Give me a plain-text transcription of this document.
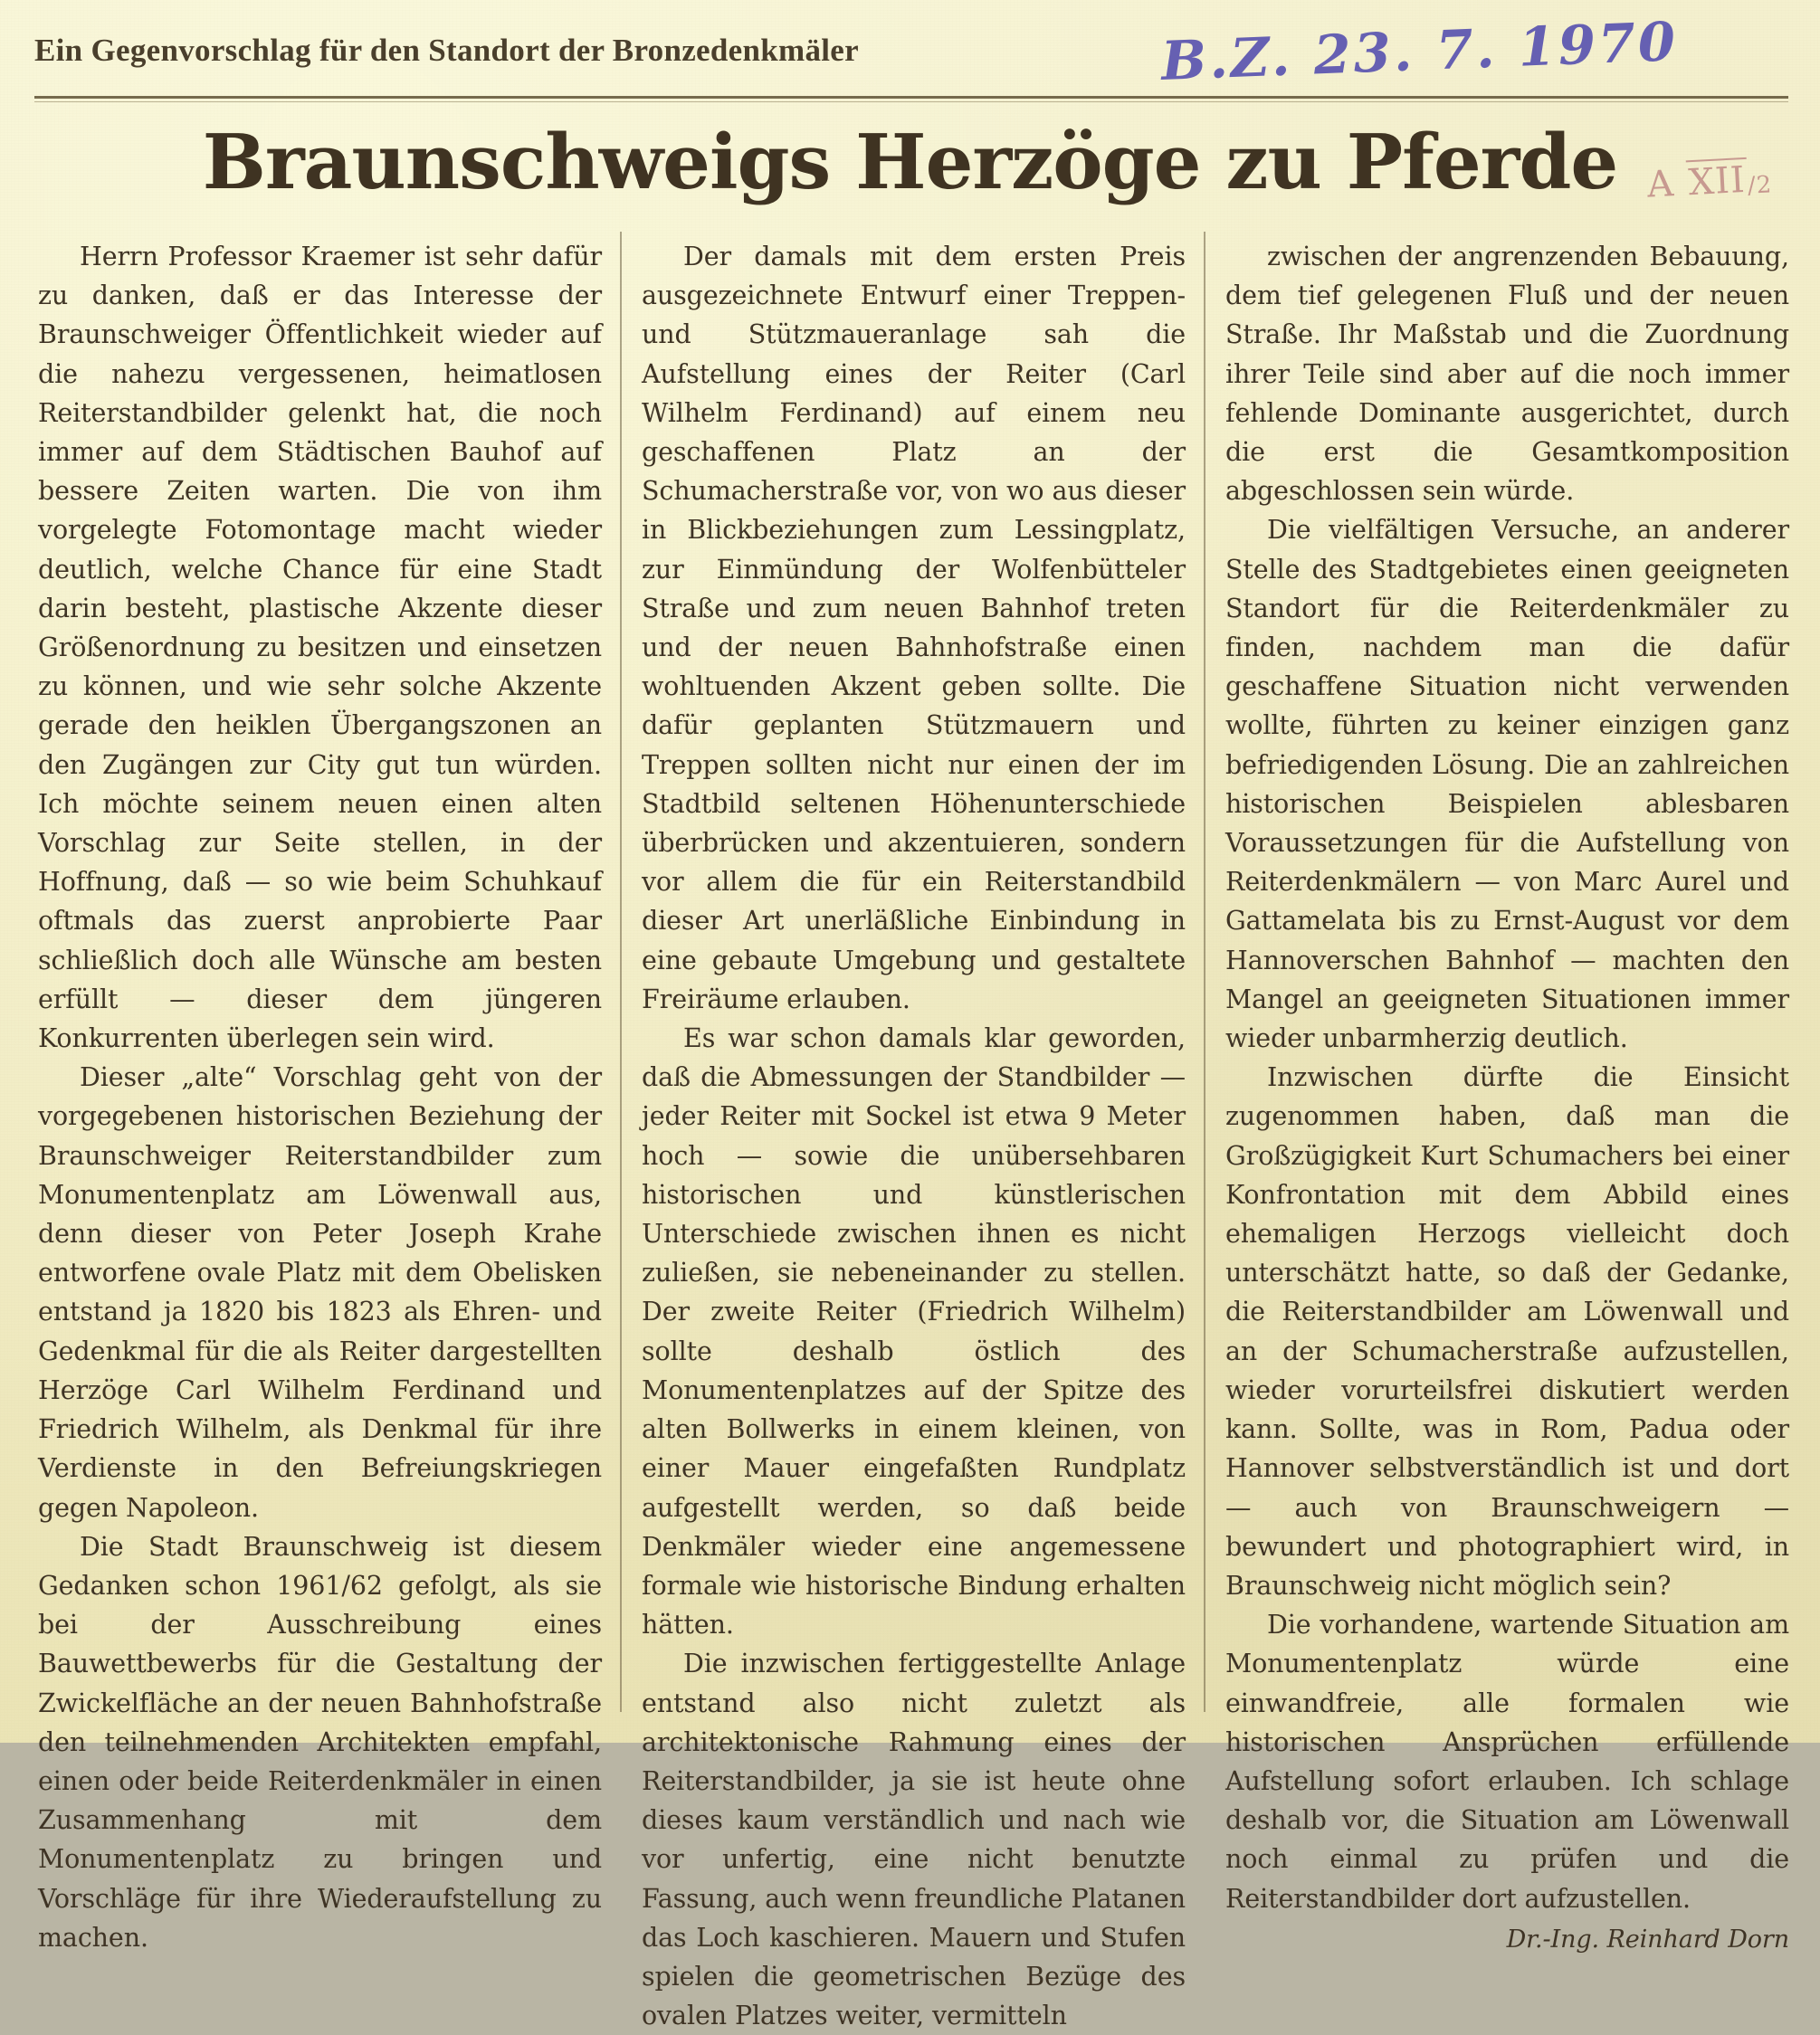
Ein Gegenvorschlag für den Standort der Bronzedenkmäler	B.Z. 23. 7. 1970
Braunschweigs Herzöge zu Pferde A XII/2

Herrn Professor Kraemer ist sehr dafür zu danken, daß er das Interesse der Braunschweiger Öffentlichkeit wieder auf die nahezu vergessenen, heimatlosen Reiterstandbilder gelenkt hat, die noch immer auf dem Städtischen Bauhof auf bessere Zeiten warten. Die von ihm vorgelegte Fotomontage macht wieder deutlich, welche Chance für eine Stadt darin besteht, plastische Akzente dieser Größenordnung zu besitzen und einsetzen zu können, und wie sehr solche Akzente gerade den heiklen Übergangszonen an den Zugängen zur City gut tun würden. Ich möchte seinem neuen einen alten Vorschlag zur Seite stellen, in der Hoffnung, daß — so wie beim Schuhkauf oftmals das zuerst anprobierte Paar schließlich doch alle Wünsche am besten erfüllt — dieser dem jüngeren Konkurrenten überlegen sein wird.

Dieser „alte“ Vorschlag geht von der vorgegebenen historischen Beziehung der Braunschweiger Reiterstandbilder zum Monumentenplatz am Löwenwall aus, denn dieser von Peter Joseph Krahe entworfene ovale Platz mit dem Obelisken entstand ja 1820 bis 1823 als Ehren- und Gedenkmal für die als Reiter dargestellten Herzöge Carl Wilhelm Ferdinand und Friedrich Wilhelm, als Denkmal für ihre Verdienste in den Befreiungskriegen gegen Napoleon.

Die Stadt Braunschweig ist diesem Gedanken schon 1961/62 gefolgt, als sie bei der Ausschreibung eines Bauwettbewerbs für die Gestaltung der Zwickelfläche an der neuen Bahnhofstraße den teilnehmenden Architekten empfahl, einen oder beide Reiterdenkmäler in einen Zusammenhang mit dem Monumentenplatz zu bringen und Vorschläge für ihre Wiederaufstellung zu machen.

Der damals mit dem ersten Preis ausgezeichnete Entwurf einer Treppen- und Stützmaueranlage sah die Aufstellung eines der Reiter (Carl Wilhelm Ferdinand) auf einem neu geschaffenen Platz an der Schumacherstraße vor, von wo aus dieser in Blickbeziehungen zum Lessingplatz, zur Einmündung der Wolfenbütteler Straße und zum neuen Bahnhof treten und der neuen Bahnhofstraße einen wohltuenden Akzent geben sollte. Die dafür geplanten Stützmauern und Treppen sollten nicht nur einen der im Stadtbild seltenen Höhenunterschiede überbrücken und akzentuieren, sondern vor allem die für ein Reiterstandbild dieser Art unerläßliche Einbindung in eine gebaute Umgebung und gestaltete Freiräume erlauben.

Es war schon damals klar geworden, daß die Abmessungen der Standbilder — jeder Reiter mit Sockel ist etwa 9 Meter hoch — sowie die unübersehbaren historischen und künstlerischen Unterschiede zwischen ihnen es nicht zuließen, sie nebeneinander zu stellen. Der zweite Reiter (Friedrich Wilhelm) sollte deshalb östlich des Monumentenplatzes auf der Spitze des alten Bollwerks in einem kleinen, von einer Mauer eingefaßten Rundplatz aufgestellt werden, so daß beide Denkmäler wieder eine angemessene formale wie historische Bindung erhalten hätten.

Die inzwischen fertiggestellte Anlage entstand also nicht zuletzt als architektonische Rahmung eines der Reiterstandbilder, ja sie ist heute ohne dieses kaum verständlich und nach wie vor unfertig, eine nicht benutzte Fassung, auch wenn freundliche Platanen das Loch kaschieren. Mauern und Stufen spielen die geometrischen Bezüge des ovalen Platzes weiter, vermitteln

zwischen der angrenzenden Bebauung, dem tief gelegenen Fluß und der neuen Straße. Ihr Maßstab und die Zuordnung ihrer Teile sind aber auf die noch immer fehlende Dominante ausgerichtet, durch die erst die Gesamtkomposition abgeschlossen sein würde.

Die vielfältigen Versuche, an anderer Stelle des Stadtgebietes einen geeigneten Standort für die Reiterdenkmäler zu finden, nachdem man die dafür geschaffene Situation nicht verwenden wollte, führten zu keiner einzigen ganz befriedigenden Lösung. Die an zahlreichen historischen Beispielen ablesbaren Voraussetzungen für die Aufstellung von Reiterdenkmälern — von Marc Aurel und Gattamelata bis zu Ernst-August vor dem Hannoverschen Bahnhof — machten den Mangel an geeigneten Situationen immer wieder unbarmherzig deutlich.

Inzwischen dürfte die Einsicht zugenommen haben, daß man die Großzügigkeit Kurt Schumachers bei einer Konfrontation mit dem Abbild eines ehemaligen Herzogs vielleicht doch unterschätzt hatte, so daß der Gedanke, die Reiterstandbilder am Löwenwall und an der Schumacherstraße aufzustellen, wieder vorurteilsfrei diskutiert werden kann. Sollte, was in Rom, Padua oder Hannover selbstverständlich ist und dort — auch von Braunschweigern — bewundert und photographiert wird, in Braunschweig nicht möglich sein?

Die vorhandene, wartende Situation am Monumentenplatz würde eine einwandfreie, alle formalen wie historischen Ansprüchen erfüllende Aufstellung sofort erlauben. Ich schlage deshalb vor, die Situation am Löwenwall noch einmal zu prüfen und die Reiterstandbilder dort aufzustellen.

Dr.-Ing. Reinhard Dorn
